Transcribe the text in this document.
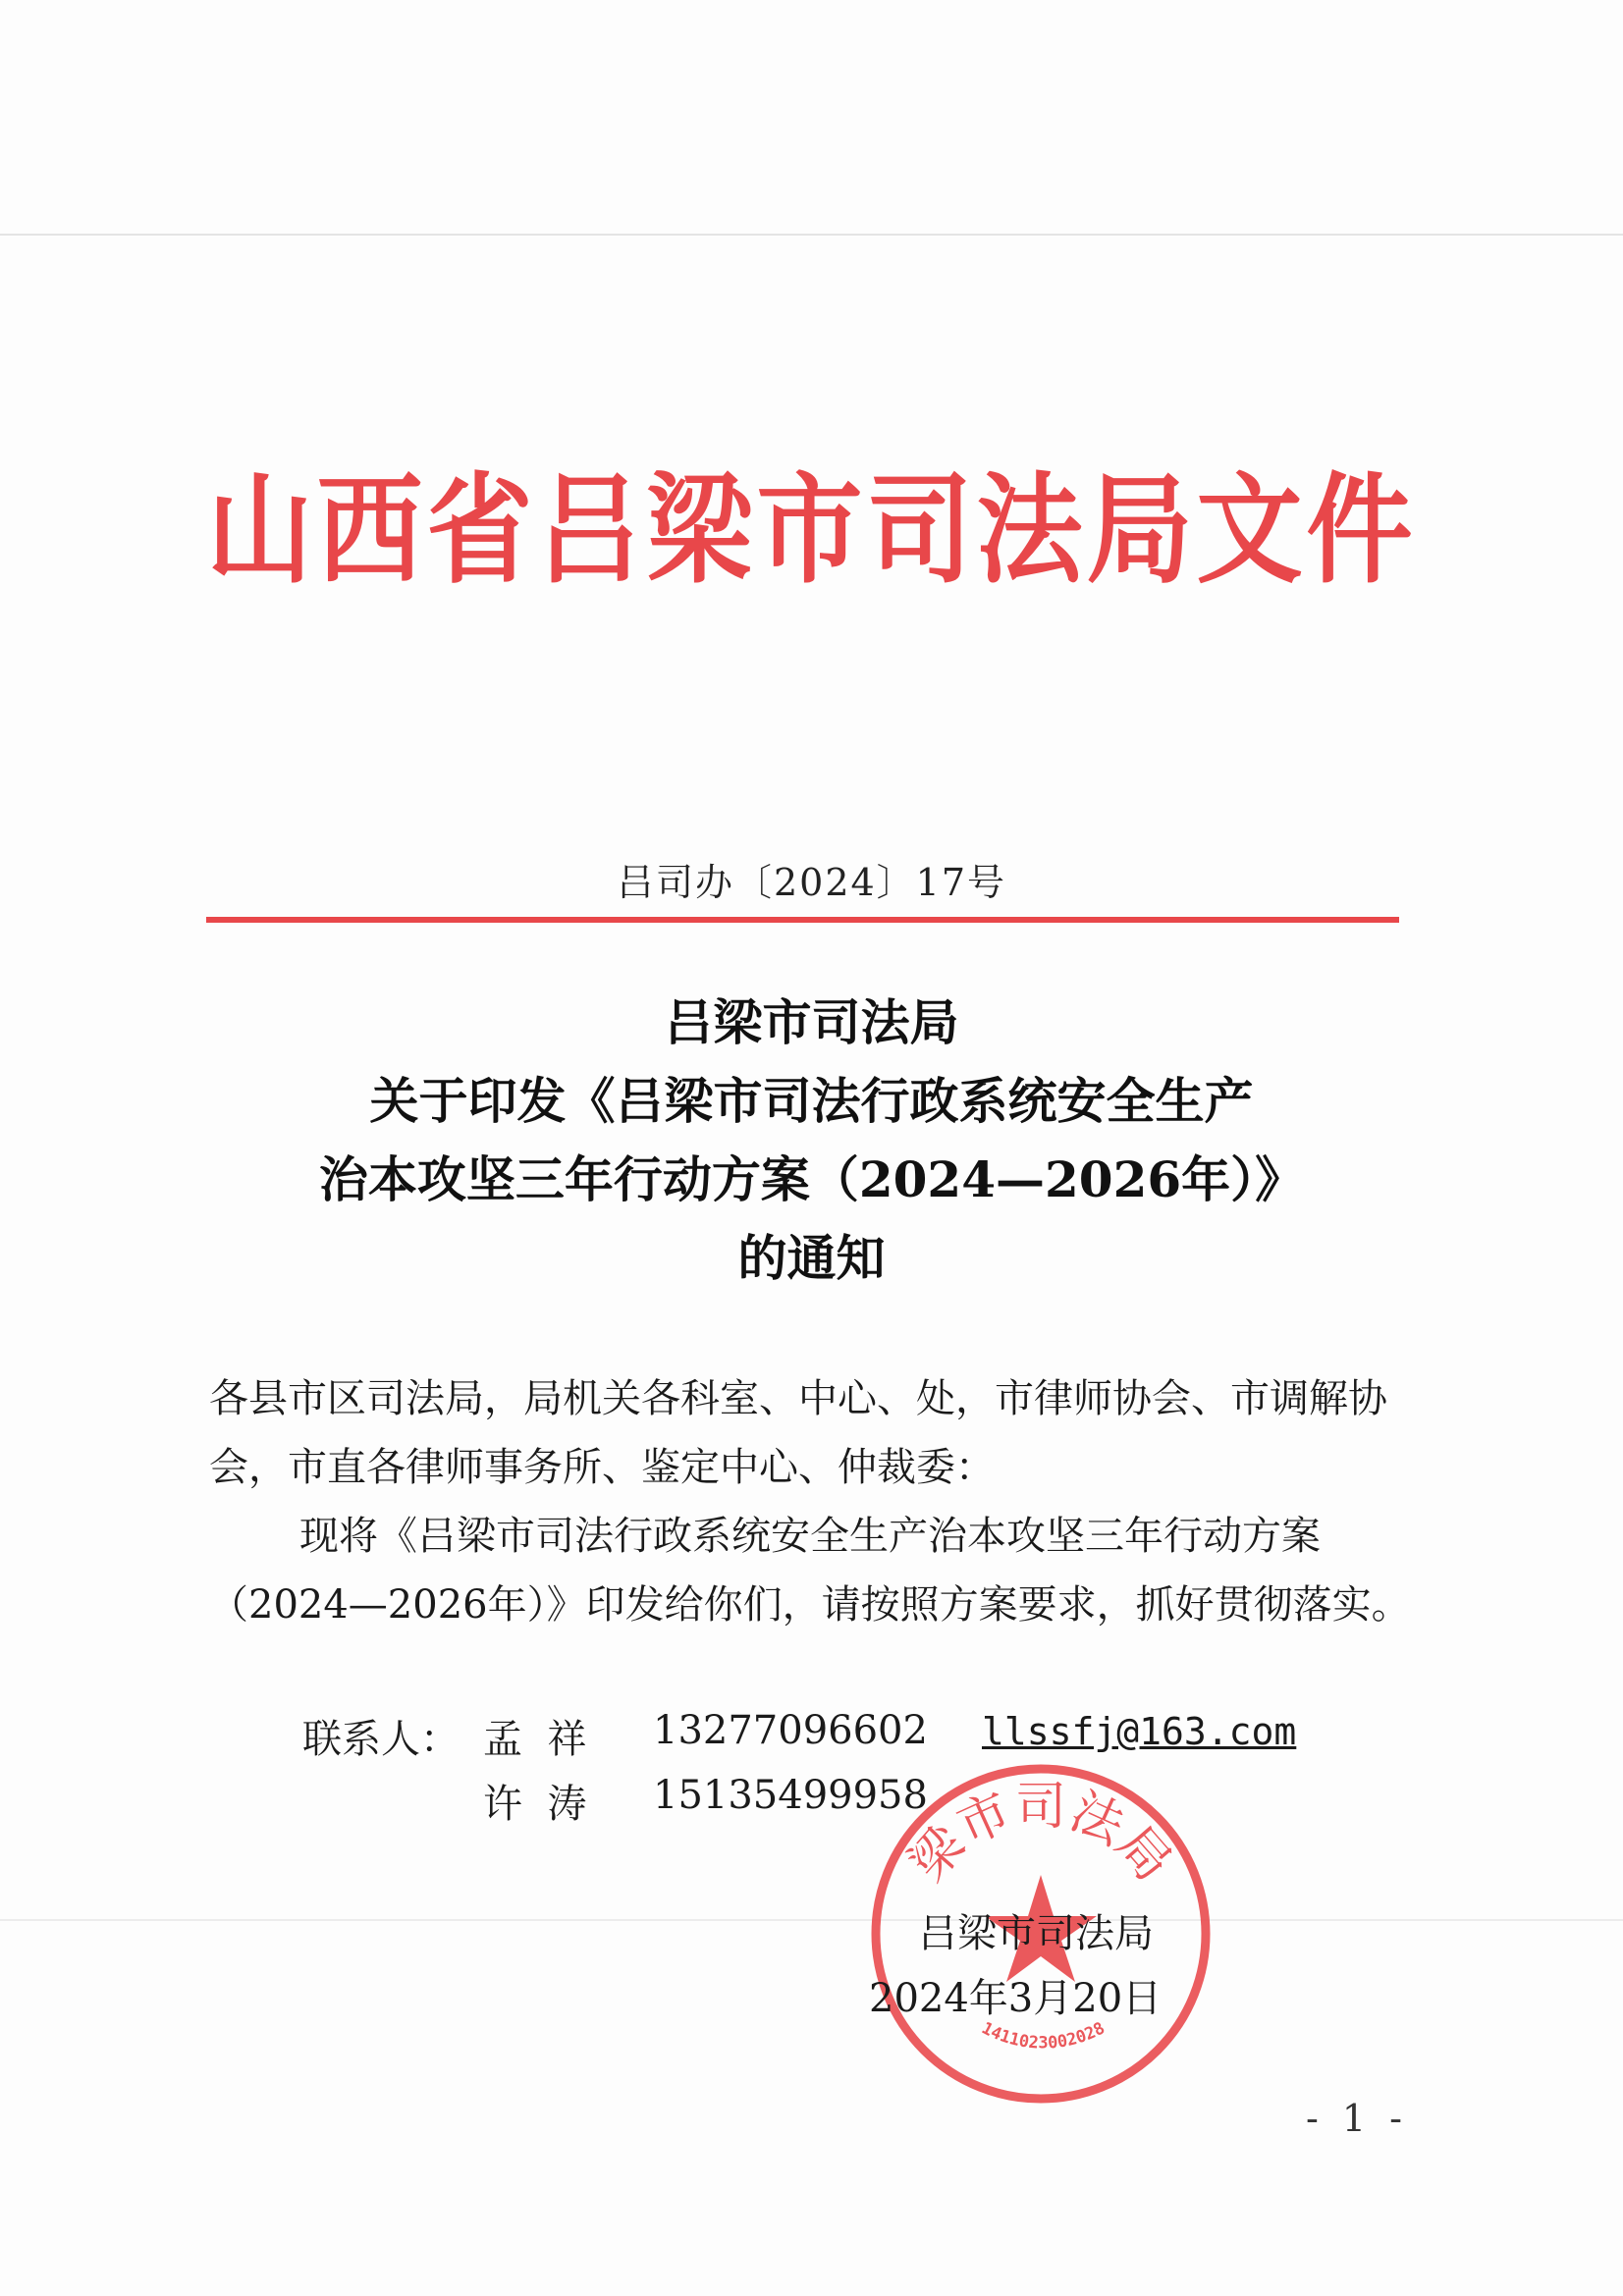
山西省吕梁市司法局文件
吕司办〔2024〕17号
吕梁市司法局
关于印发《吕梁市司法行政系统安全生产
治本攻坚三年行动方案（2024—2026年）》
的通知

各县市区司法局，局机关各科室、中心、处，市律师协会、市调解协会，市直各律师事务所、鉴定中心、仲裁委：

现将《吕梁市司法行政系统安全生产治本攻坚三年行动方案（2024—2026年）》印发给你们，请按照方案要求，抓好贯彻落实。

联系人： 孟  祥 13277096602 llssfj@163.com
许  涛 15135499958
梁市司法局
1411023002028
吕梁市司法局
2024年3月20日
- 1 -
